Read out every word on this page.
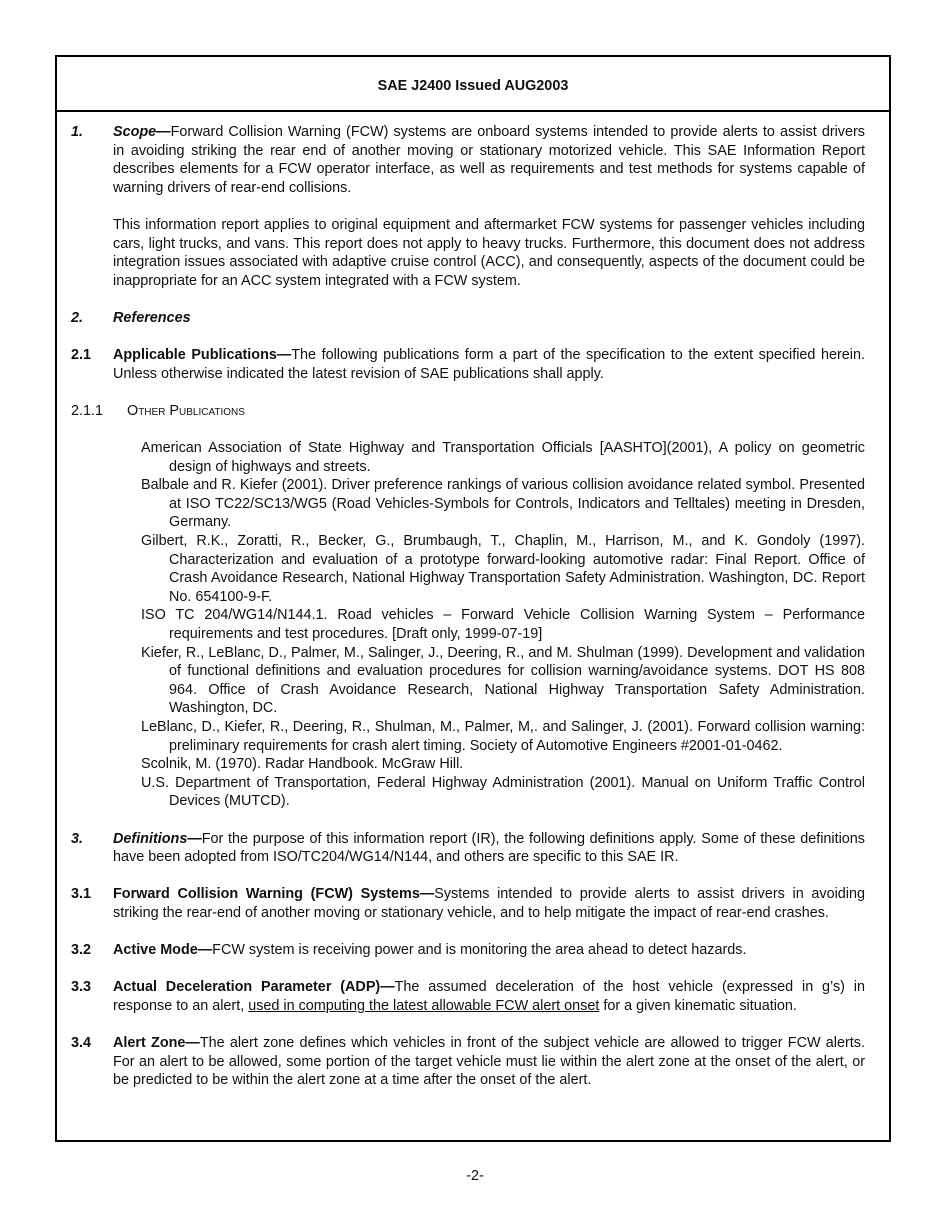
SAE J2400 Issued AUG2003
1.	Scope—Forward Collision Warning (FCW) systems are onboard systems intended to provide alerts to assist drivers in avoiding striking the rear end of another moving or stationary motorized vehicle. This SAE Information Report describes elements for a FCW operator interface, as well as requirements and test methods for systems capable of warning drivers of rear-end collisions.
This information report applies to original equipment and aftermarket FCW systems for passenger vehicles including cars, light trucks, and vans. This report does not apply to heavy trucks. Furthermore, this document does not address integration issues associated with adaptive cruise control (ACC), and consequently, aspects of the document could be inappropriate for an ACC system integrated with a FCW system.
2.	References
2.1	Applicable Publications—The following publications form a part of the specification to the extent specified herein. Unless otherwise indicated the latest revision of SAE publications shall apply.
2.1.1	Other Publications

American Association of State Highway and Transportation Officials [AASHTO](2001), A policy on geometric design of highways and streets.

Balbale and R. Kiefer (2001). Driver preference rankings of various collision avoidance related symbol. Presented at ISO TC22/SC13/WG5 (Road Vehicles-Symbols for Controls, Indicators and Telltales) meeting in Dresden, Germany.

Gilbert, R.K., Zoratti, R., Becker, G., Brumbaugh, T., Chaplin, M., Harrison, M., and K. Gondoly (1997). Characterization and evaluation of a prototype forward-looking automotive radar: Final Report. Office of Crash Avoidance Research, National Highway Transportation Safety Administration. Washington, DC. Report No. 654100-9-F.

ISO TC 204/WG14/N144.1. Road vehicles – Forward Vehicle Collision Warning System – Performance requirements and test procedures. [Draft only, 1999-07-19]

Kiefer, R., LeBlanc, D., Palmer, M., Salinger, J., Deering, R., and M. Shulman (1999). Development and validation of functional definitions and evaluation procedures for collision warning/avoidance systems. DOT HS 808 964. Office of Crash Avoidance Research, National Highway Transportation Safety Administration. Washington, DC.

LeBlanc, D., Kiefer, R., Deering, R., Shulman, M., Palmer, M,. and Salinger, J. (2001). Forward collision warning: preliminary requirements for crash alert timing. Society of Automotive Engineers #2001-01-0462.

Scolnik, M. (1970). Radar Handbook. McGraw Hill.

U.S. Department of Transportation, Federal Highway Administration (2001). Manual on Uniform Traffic Control Devices (MUTCD).

3.	Definitions—For the purpose of this information report (IR), the following definitions apply. Some of these definitions have been adopted from ISO/TC204/WG14/N144, and others are specific to this SAE IR.
3.1	Forward Collision Warning (FCW) Systems—Systems intended to provide alerts to assist drivers in avoiding striking the rear-end of another moving or stationary vehicle, and to help mitigate the impact of rear-end crashes.
3.2	Active Mode—FCW system is receiving power and is monitoring the area ahead to detect hazards.
3.3	Actual Deceleration Parameter (ADP)—The assumed deceleration of the host vehicle (expressed in g’s) in response to an alert, used in computing the latest allowable FCW alert onset for a given kinematic situation.
3.4	Alert Zone—The alert zone defines which vehicles in front of the subject vehicle are allowed to trigger FCW alerts. For an alert to be allowed, some portion of the target vehicle must lie within the alert zone at the onset of the alert, or be predicted to be within the alert zone at a time after the onset of the alert.
-2-
